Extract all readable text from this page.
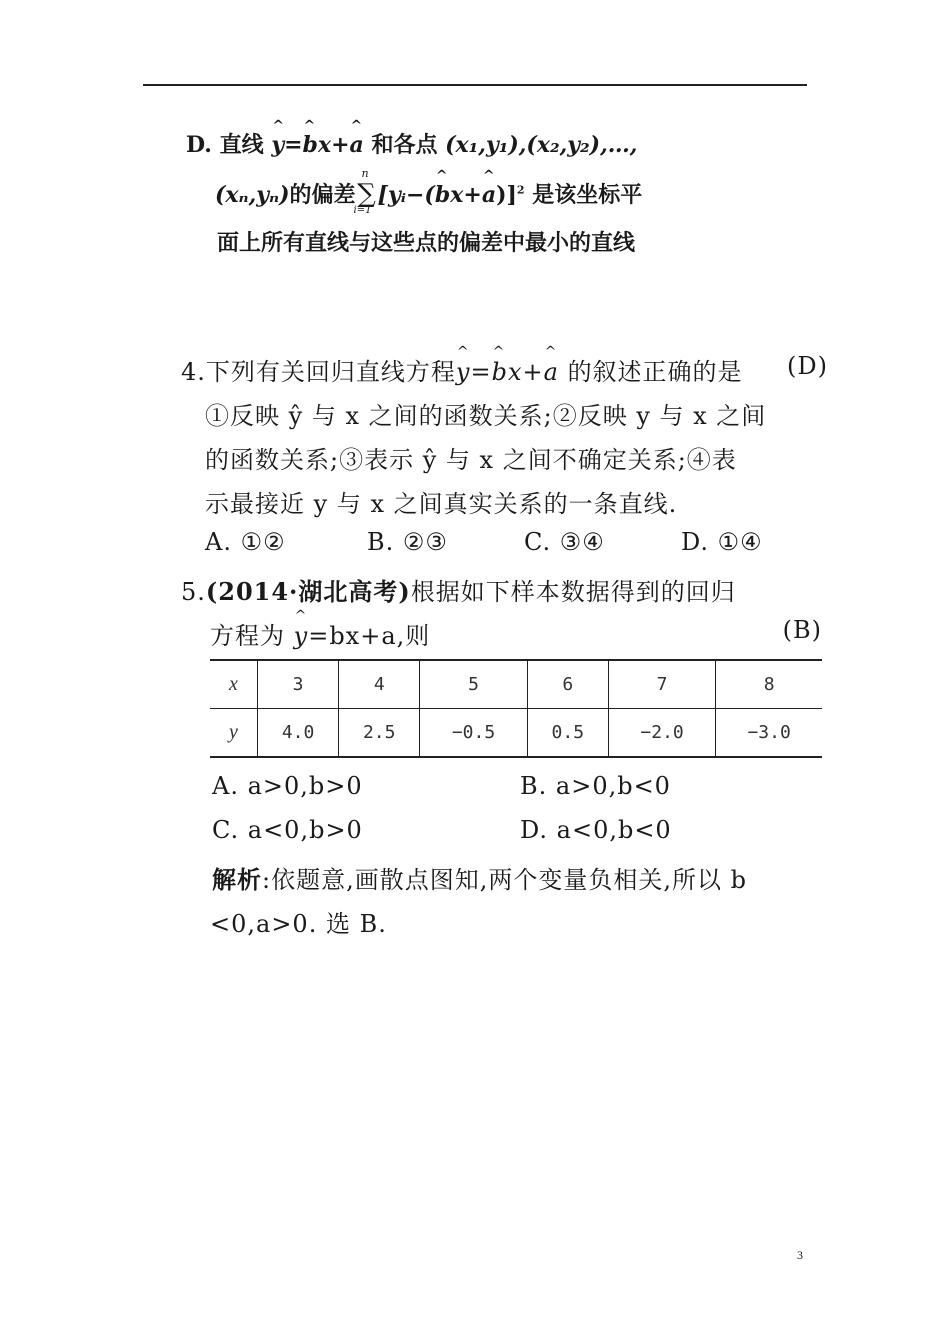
D. 直线 ^ y=^ bx+^ a 和各点 (x₁,y₁),(x₂,y₂),…,
(xₙ,yₙ)的偏差
n
∑
i=1
[yᵢ−(^ bx+^ a)]$^2$ 是该坐标平
面上所有直线与这些点的偏差中最小的直线
4.下列有关回归直线方程^ y=^ bx+^ a 的叙述正确的是 (D)
①反映 ŷ 与 x 之间的函数关系;②反映 y 与 x 之间
的函数关系;③表示 ŷ 与 x 之间不确定关系;④表
示最接近 y 与 x 之间真实关系的一条直线.
A. ①②	B. ②③	C. ③④	D. ①④
5.(2014·湖北高考)根据如下样本数据得到的回归
方程为 ^ y=bx+a,则	(B)
x	3	4	5	6	7	8
y	4.0	2.5	−0.5	0.5	−2.0	−3.0
A. a>0,b>0	B. a>0,b<0
C. a<0,b>0	D. a<0,b<0
解析:依题意,画散点图知,两个变量负相关,所以 b
<0,a>0. 选 B.
3
